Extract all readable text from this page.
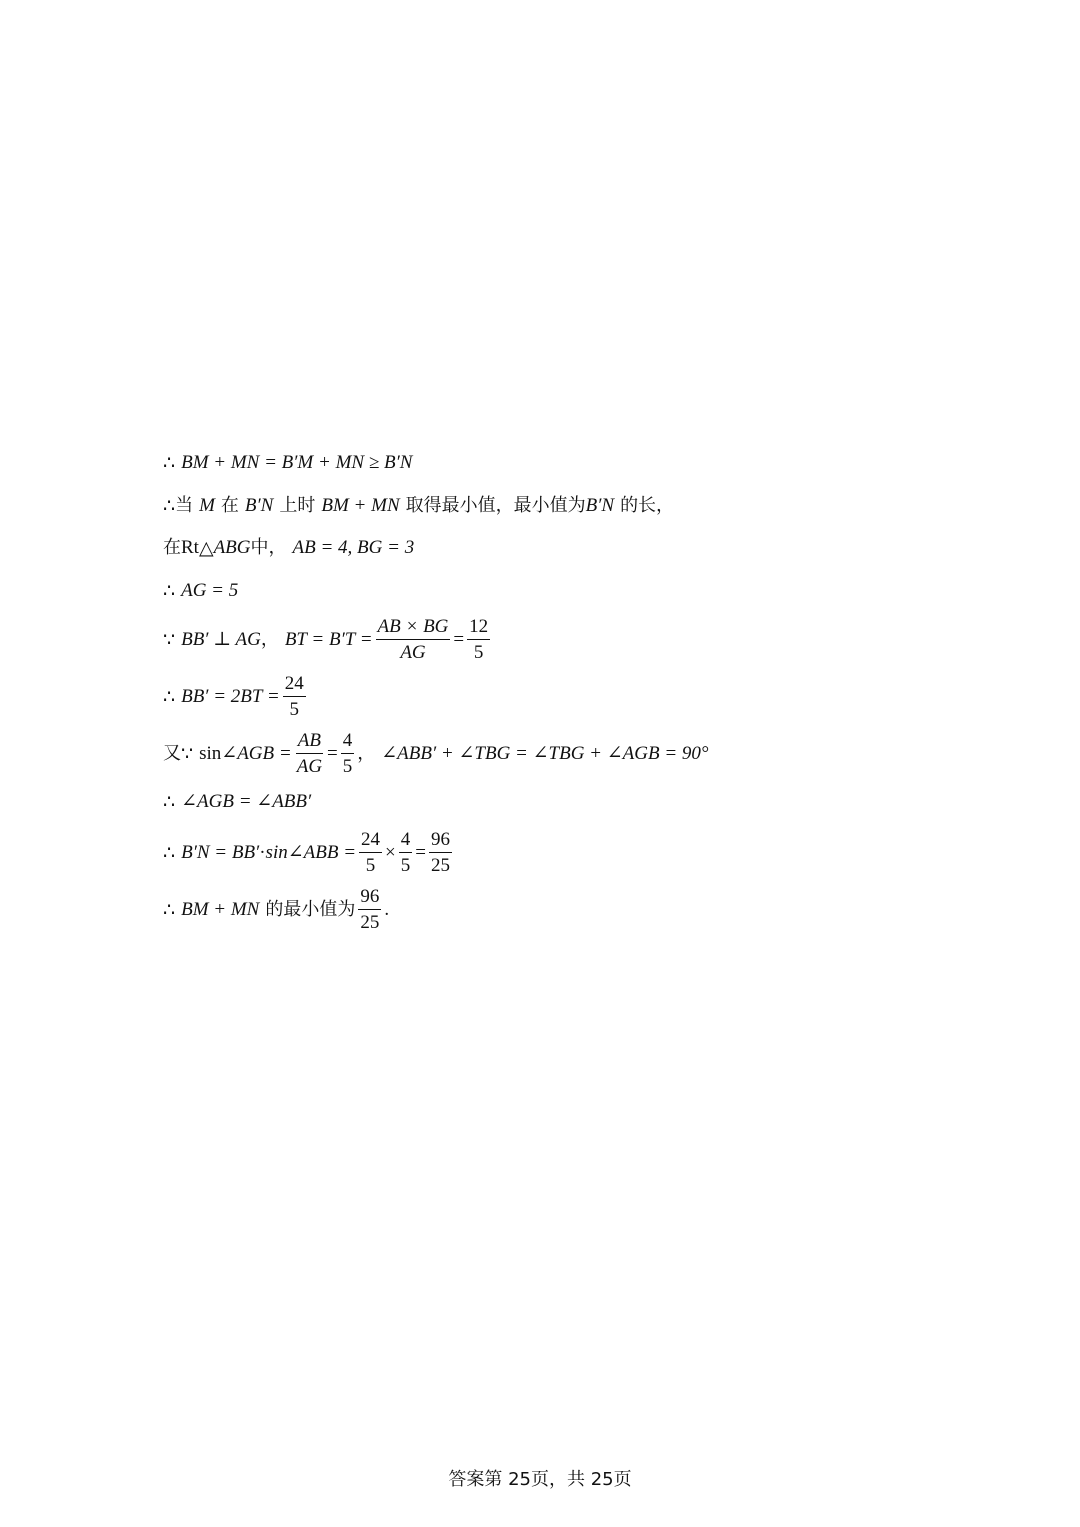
∴ BM + MN = B′M + MN ≥ B′N
∴ 当 M 在 B′N 上时 BM + MN 取得最小值，最小值为 B′N 的长，
在 Rt △ ABG 中， AB = 4, BG = 3
∴ AG = 5
∵ BB′ ⊥ AG ， BT = $B'T = \frac{AB \times BG}{AG} = \frac{12}{5}$
∴ $BB' = 2BT = \frac{24}{5}$
又 ∵ sin ∠AGB = $\frac{AB}{AG} = \frac{4}{5}$ ， ∠ABB′ + ∠TBG = ∠TBG + ∠AGB = 90°
∴ ∠AGB = ∠ABB′
∴ B′N = BB′ · sin∠ABB = $\frac{24}{5} \times \frac{4}{5} = \frac{96}{25}$
∴ BM + MN 的最小值为 $\frac{96}{25}$ .
答案第 25页，共 25页
